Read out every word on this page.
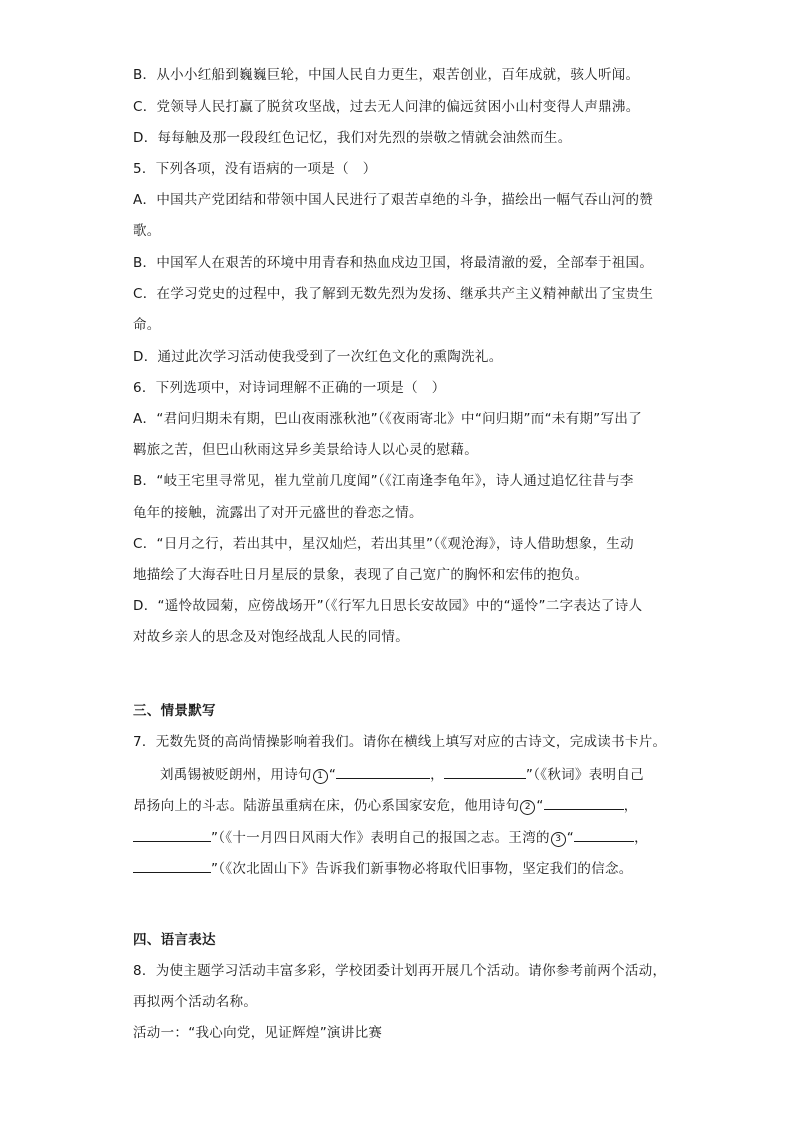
B．从小小红船到巍巍巨轮，中国人民自力更生，艰苦创业，百年成就，骇人听闻。
C．党领导人民打赢了脱贫攻坚战，过去无人问津的偏远贫困小山村变得人声鼎沸。
D．每每触及那一段段红色记忆，我们对先烈的崇敬之情就会油然而生。
5．下列各项，没有语病的一项是（　）
A．中国共产党团结和带领中国人民进行了艰苦卓绝的斗争，描绘出一幅气吞山河的赞
歌。
B．中国军人在艰苦的环境中用青春和热血戍边卫国，将最清澈的爱，全部奉于祖国。
C．在学习党史的过程中，我了解到无数先烈为发扬、继承共产主义精神献出了宝贵生
命。
D．通过此次学习活动使我受到了一次红色文化的熏陶洗礼。
6．下列选项中，对诗词理解不正确的一项是（　）
A．“君问归期未有期，巴山夜雨涨秋池”（《夜雨寄北》中“问归期”而“未有期”写出了
羁旅之苦，但巴山秋雨这异乡美景给诗人以心灵的慰藉。
B．“岐王宅里寻常见，崔九堂前几度闻”（《江南逢李龟年》，诗人通过追忆往昔与李
龟年的接触，流露出了对开元盛世的眷恋之情。
C．“日月之行，若出其中，星汉灿烂，若出其里”（《观沧海》，诗人借助想象，生动
地描绘了大海吞吐日月星辰的景象，表现了自己宽广的胸怀和宏伟的抱负。
D．“遥怜故园菊，应傍战场开”（《行军九日思长安故园》中的“遥怜”二字表达了诗人
对故乡亲人的思念及对饱经战乱人民的同情。
三、情景默写
7．无数先贤的高尚情操影响着我们。请你在横线上填写对应的古诗文，完成读书卡片。
刘禹锡被贬朗州，用诗句 1 “	，	”（《秋词》表明自己
昂扬向上的斗志。陆游虽重病在床，仍心系国家安危，他用诗句 2 “	，
”（《十一月四日风雨大作》表明自己的报国之志。王湾的 3 “	，
”（《次北固山下》告诉我们新事物必将取代旧事物，坚定我们的信念。
四、语言表达
8．为使主题学习活动丰富多彩，学校团委计划再开展几个活动。请你参考前两个活动，
再拟两个活动名称。
活动一：“我心向党，见证辉煌”演讲比赛
